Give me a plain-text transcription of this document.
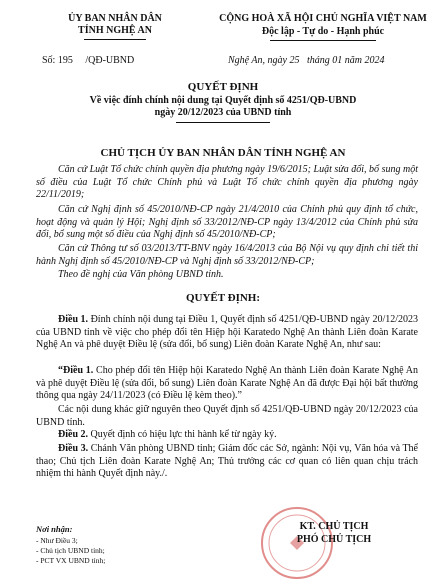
ỦY BAN NHÂN DÂN
TỈNH NGHỆ AN
Số: 195 /QĐ-UBND
CỘNG HOÀ XÃ HỘI CHỦ NGHĨA VIỆT NAM
Độc lập - Tự do - Hạnh phúc
Nghệ An, ngày 25   tháng 01 năm 2024
QUYẾT ĐỊNH
Về việc đính chính nội dung tại Quyết định số 4251/QĐ-UBND
ngày 20/12/2023 của UBND tỉnh
CHỦ TỊCH ỦY BAN NHÂN DÂN TỈNH NGHỆ AN
Căn cứ Luật Tổ chức chính quyền địa phương ngày 19/6/2015; Luật sửa đổi, bổ sung một số điều của Luật Tổ chức Chính phủ và Luật Tổ chức chính quyền địa phương ngày 22/11/2019;
Căn cứ Nghị định số 45/2010/NĐ-CP ngày 21/4/2010 của Chính phủ quy định tổ chức, hoạt động và quản lý Hội; Nghị định số 33/2012/NĐ-CP ngày 13/4/2012 của Chính phủ sửa đổi, bổ sung một số điều của Nghị định số 45/2010/NĐ-CP;
Căn cứ Thông tư số 03/2013/TT-BNV ngày 16/4/2013 của Bộ Nội vụ quy định chi tiết thi hành Nghị định số 45/2010/NĐ-CP và Nghị định số 33/2012/NĐ-CP;
Theo đề nghị của Văn phòng UBND tỉnh.
QUYẾT ĐỊNH:
Điều 1. Đính chính nội dung tại Điều 1, Quyết định số 4251/QĐ-UBND ngày 20/12/2023 của UBND tỉnh về việc cho phép đổi tên Hiệp hội Karatedo Nghệ An thành Liên đoàn Karate Nghệ An và phê duyệt Điều lệ (sửa đổi, bổ sung) Liên đoàn Karate Nghệ An, như sau:
“Điều 1. Cho phép đổi tên Hiệp hội Karatedo Nghệ An thành Liên đoàn Karate Nghệ An và phê duyệt Điều lệ (sửa đổi, bổ sung) Liên đoàn Karate Nghệ An đã được Đại hội bất thường thông qua ngày 24/11/2023 (có Điều lệ kèm theo).”
Các nội dung khác giữ nguyên theo Quyết định số 4251/QĐ-UBND ngày 20/12/2023 của UBND tỉnh.
Điều 2. Quyết định có hiệu lực thi hành kể từ ngày ký.
Điều 3. Chánh Văn phòng UBND tỉnh; Giám đốc các Sở, ngành: Nội vụ, Văn hóa và Thể thao; Chủ tịch Liên đoàn Karate Nghệ An; Thủ trưởng các cơ quan có liên quan chịu trách nhiệm thi hành Quyết định này./.
Nơi nhận:
- Như Điều 3;
- Chủ tịch UBND tỉnh;
- PCT VX UBND tỉnh;
KT. CHỦ TỊCH
PHÓ CHỦ TỊCH
